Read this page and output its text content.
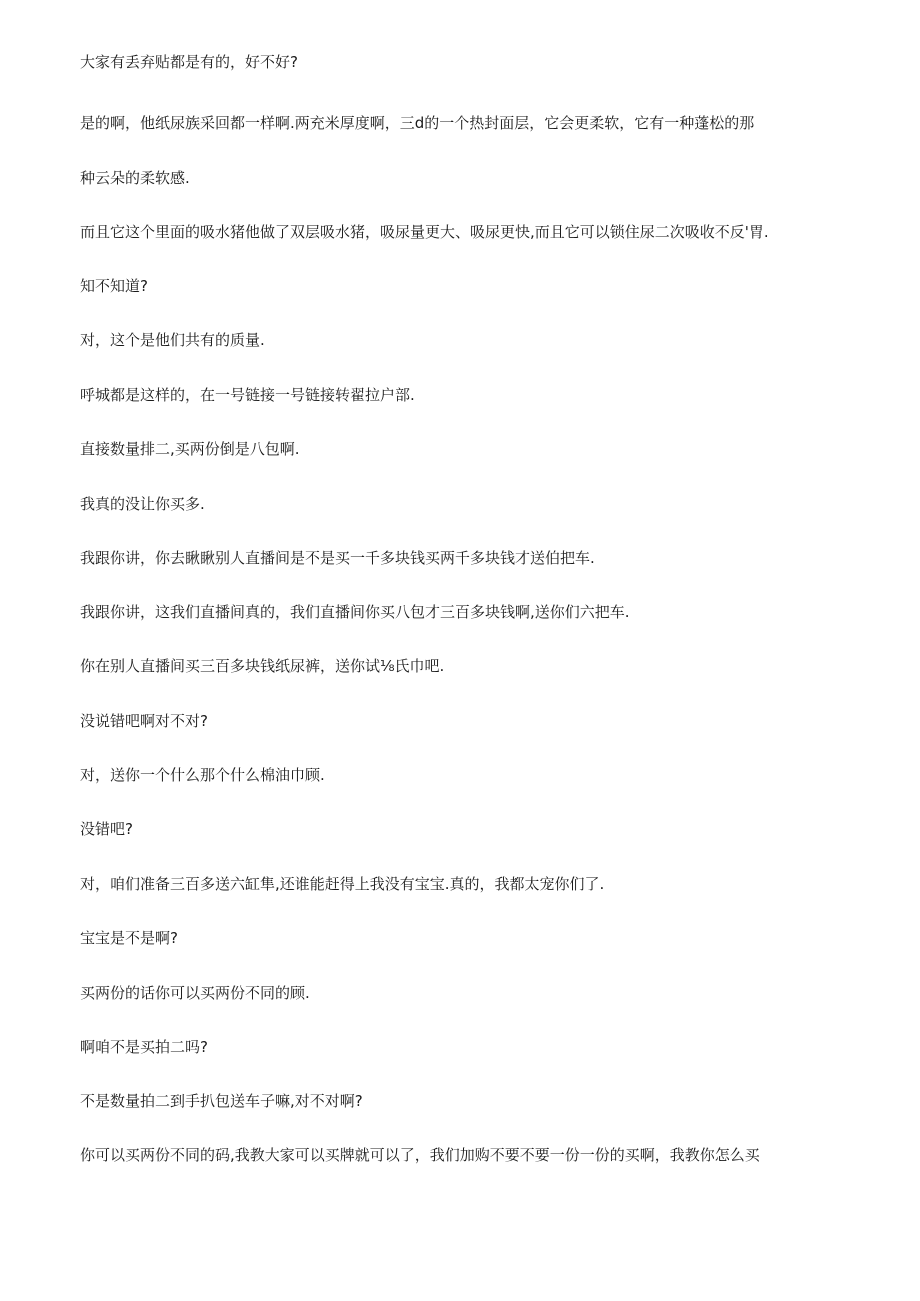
大家有丢弃贴都是有的，好不好?
是的啊，他纸尿族采回都一样啊.两充米厚度啊，三d的一个热封面层，它会更柔软，它有一种蓬松的那
种云朵的柔软感.
而且它这个里面的吸水猪他做了双层吸水猪，吸尿量更大、吸尿更快,而且它可以锁住尿二次吸收不反'胃.
知不知道?
对，这个是他们共有的质量.
呼城都是这样的，在一号链接一号链接转翟拉户部.
直接数量排二,买两份倒是八包啊.
我真的没让你买多.
我跟你讲，你去瞅瞅别人直播间是不是买一千多块钱买两千多块钱才送伯把车.
我跟你讲，这我们直播间真的，我们直播间你买八包才三百多块钱啊,送你们六把车.
你在别人直播间买三百多块钱纸尿裤，送你试⅛氏巾吧.
没说错吧啊对不对?
对，送你一个什么那个什么棉油巾顾.
没错吧?
对，咱们准备三百多送六缸隼,还谁能赶得上我没有宝宝.真的，我都太宠你们了.
宝宝是不是啊?
买两份的话你可以买两份不同的顾.
啊咱不是买拍二吗?
不是数量拍二到手扒包送车子嘛,对不对啊?
你可以买两份不同的码,我教大家可以买牌就可以了，我们加购不要不要一份一份的买啊，我教你怎么买
